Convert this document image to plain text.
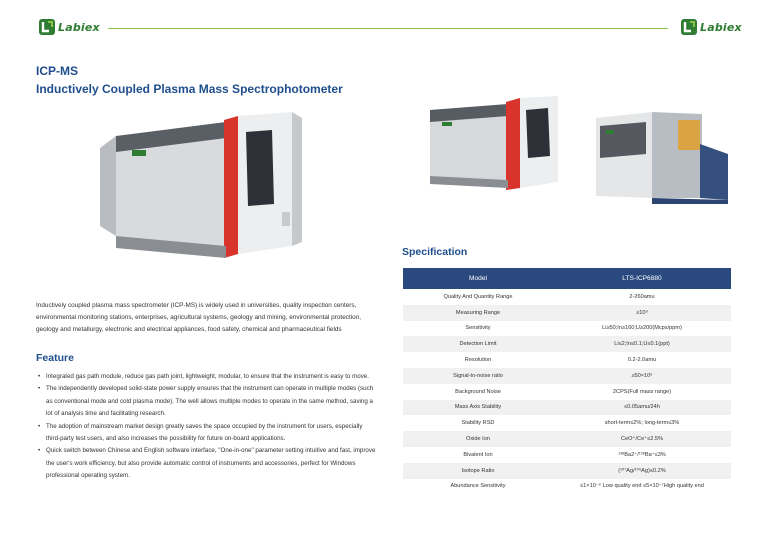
Labiex	Labiex
ICP-MS
Inductively Coupled Plasma Mass Spectrophotometer

Inductively coupled plasma mass spectrometer (ICP-MS) is widely used in universities, quality inspection centers, environmental monitoring stations, enterprises, agricultural systems, geology and mining, environmental protection, geology and metallurgy, electronic and electrical appliances, food safety, chemical and pharmaceutical fields

Feature
• Integrated gas path module, reduce gas path joint, lightweight, modular, to ensure that the instrument is easy to move.
• The independently developed solid-state power supply ensures that the instrument can operate in multiple modes (such as conventional mode and cold plasma mode). The well allows multiple modes to operate in the same method, saving a lot of analysis time and facilitating research.
• The adoption of mainstream market design greatly saves the space occupied by the instrument for users, especially third-party test users, and also increases the possibility for future on-board applications.
• Quick switch between Chinese and English software interface, "One-in-one" parameter setting intuitive and fast, improve the user's work efficiency, but also provide automatic control of instruments and accessories, perfect for Windows professional operating system.
Specification
Model	LTS-ICP6880
Quality And Quantity Range	2-260amu
Measuring Range	≥10⁹
Sensitivity	Li≥50;In≥160;U≥200(Mcps/ppm)
Detection Limit	Li≤2;In≤0.1;U≤0.1(ppt)
Resolution	0.2-2.0amu
Signal-to-noise ratio	≥50×10⁶
Background Noise	2CPS(Full mass range)
Mass Axis Stability	≤0.05amu/24h
Stability RSD	short-term≤2%; long-term≤3%
Oxide Ion	CeO⁺/Ce⁺≤2.5%
Bivalent Ion	¹³⁸Ba2⁺/¹³⁸Ba⁺≤3%
Isotope Ratio	(¹⁰⁷Ag/¹⁰⁹Ag)≤0.2%
Abundance Sensitivity	≤1×10⁻⁶ Low quality end ≤5×10⁻⁷High quality end
